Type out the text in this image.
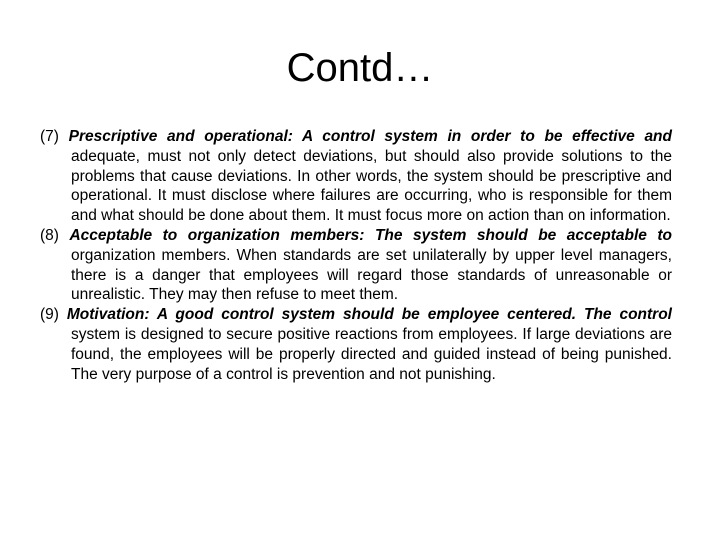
Contd…

(7) Prescriptive and operational: A control system in order to be effective and adequate, must not only detect deviations, but should also provide solutions to the problems that cause deviations. In other words, the system should be prescriptive and operational. It must disclose where failures are occurring, who is responsible for them and what should be done about them. It must focus more on action than on information.

(8) Acceptable to organization members: The system should be acceptable to organization members. When standards are set unilaterally by upper level managers, there is a danger that employees will regard those standards of unreasonable or unrealistic. They may then refuse to meet them.

(9) Motivation: A good control system should be employee centered. The control system is designed to secure positive reactions from employees. If large deviations are found, the employees will be properly directed and guided instead of being punished. The very purpose of a control is prevention and not punishing.
